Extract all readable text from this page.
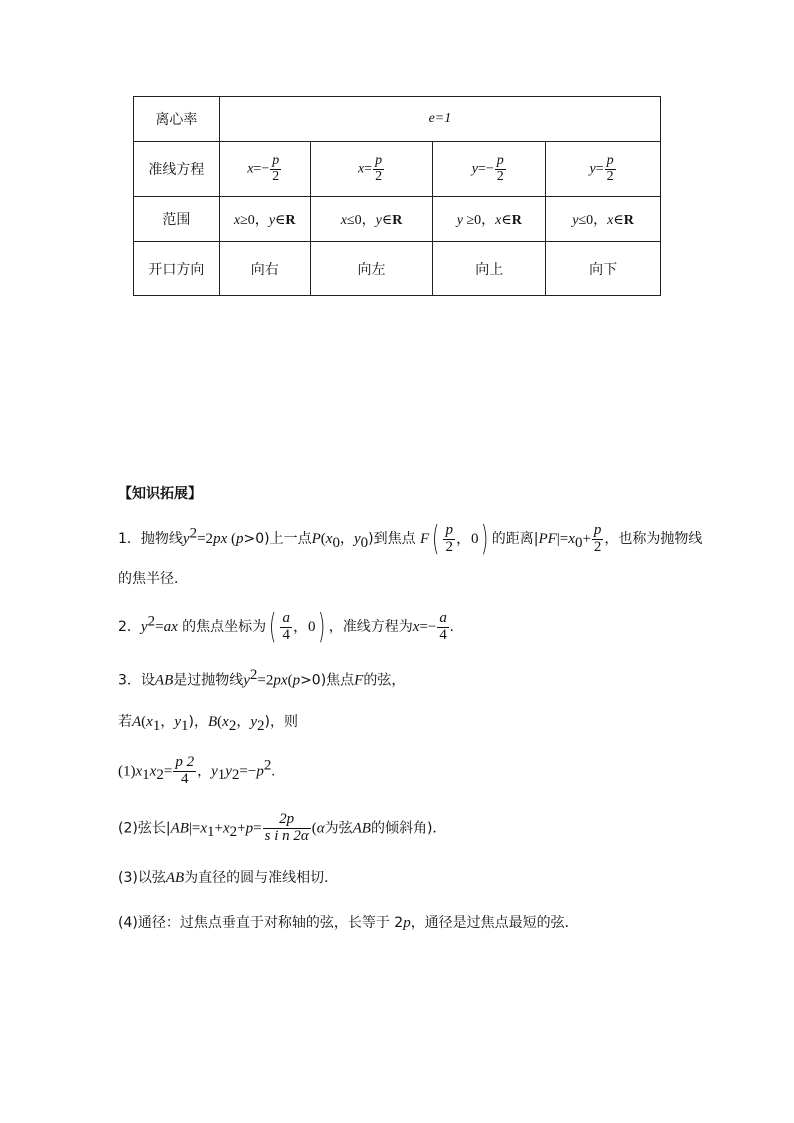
离心率	e=1			
准线方程	$x=- \frac{p}{2}$	$x= \frac{p}{2}$	$y=- \frac{p}{2}$	$y= \frac{p}{2}$

范围	x≥0，y∈R	x≤0，y∈R	y ≥0，x∈R	y≤0，x∈R
开口方向	向右	向左	向上	向下
【知识拓展】
1．抛物线$y^2=2px$ (p>0)上一点$P(x_0$，$y_0$)到焦点 $F( \frac{p}{2}$ ，0) 的距离$|PF|=x_0+ \frac{p}{2}$ ，也称为抛物线
的焦半径．
2．$y^2=ax$ 的焦点坐标为( $\frac{a}{4}$ ，0) ，准线方程为$x=- \frac{a}{4}$ .
3．设AB是过抛物线$y^2=2px(p>0)$焦点F的弦，
若$A(x_1$，$y_1$)，$B(x_2$，$y_2$)，则
$(1)x_1x_2= \frac{p 2}{4}$ ，$y_1y_2=-p^2$.
(2)弦长$|AB|=x_1+x_2+p= \frac{2p}{\text{s i n 2α}} (\alpha$为弦AB的倾斜角)．
(3)以弦AB为直径的圆与准线相切．
(4)通径：过焦点垂直于对称轴的弦，长等于 2p，通径是过焦点最短的弦．
